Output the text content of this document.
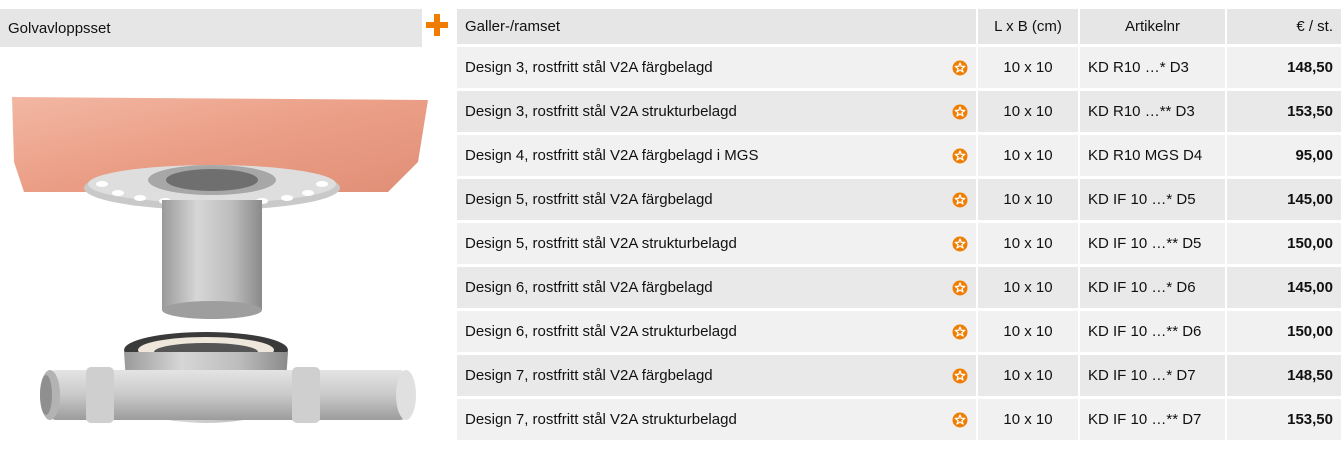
Golvavloppsset	Galler-/ramset	L x B (cm)	Artikelnr	€ / st.

Design 3, rostfritt stål V2A färgbelagd	10 x 10	KD R10 …* D3	148,50

Design 3, rostfritt stål V2A strukturbelagd	10 x 10	KD R10 …** D3	153,50

Design 4, rostfritt stål V2A färgbelagd i MGS	10 x 10	KD R10 MGS D4	95,00

Design 5, rostfritt stål V2A färgbelagd	10 x 10	KD IF 10 …* D5	145,00

Design 5, rostfritt stål V2A strukturbelagd	10 x 10	KD IF 10 …** D5	150,00

Design 6, rostfritt stål V2A färgbelagd	10 x 10	KD IF 10 …* D6	145,00

Design 6, rostfritt stål V2A strukturbelagd	10 x 10	KD IF 10 …** D6	150,00

Design 7, rostfritt stål V2A färgbelagd	10 x 10	KD IF 10 …* D7	148,50

Design 7, rostfritt stål V2A strukturbelagd	10 x 10	KD IF 10 …** D7	153,50
